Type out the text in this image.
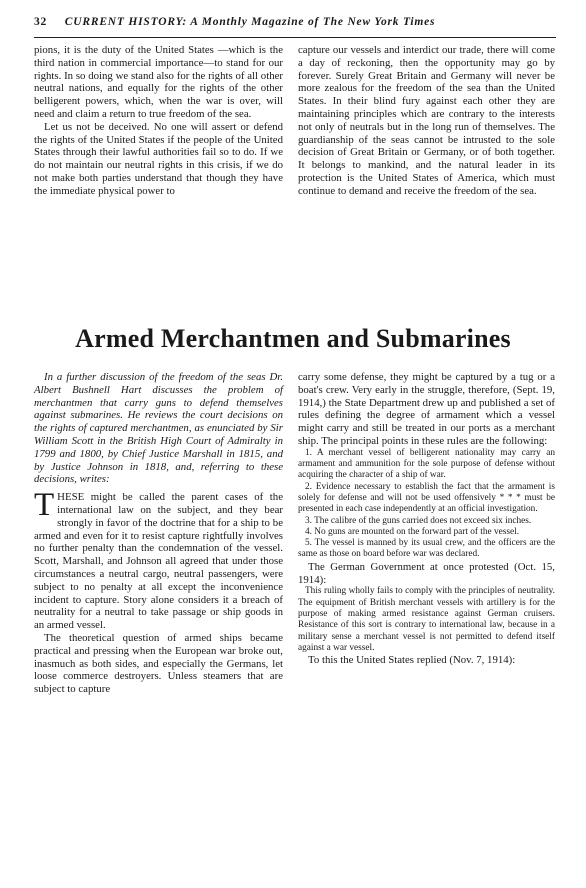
32 CURRENT HISTORY: A Monthly Magazine of The New York Times

pions, it is the duty of the United States —which is the third nation in commercial importance—to stand for our rights. In so doing we stand also for the rights of all other neutral nations, and equally for the rights of the other belligerent powers, which, when the war is over, will need and claim a return to true freedom of the sea.

Let us not be deceived. No one will assert or defend the rights of the United States if the people of the United States through their lawful authorities fail so to do. If we do not maintain our neutral rights in this crisis, if we do not make both parties understand that though they have the immediate physical power to

capture our vessels and interdict our trade, there will come a day of reckoning, then the opportunity may go by forever. Surely Great Britain and Germany will never be more zealous for the freedom of the sea than the United States. In their blind fury against each other they are maintaining principles which are contrary to the interests not only of neutrals but in the long run of themselves. The guardianship of the seas cannot be intrusted to the sole decision of Great Britain or Germany, or of both together. It belongs to mankind, and the natural leader in its protection is the United States of America, which must continue to demand and receive the freedom of the sea.

Armed Merchantmen and Submarines

In a further discussion of the freedom of the seas Dr. Albert Bushnell Hart discusses the problem of merchantmen that carry guns to defend themselves against submarines. He reviews the court decisions on the rights of captured merchantmen, as enunciated by Sir William Scott in the British High Court of Admiralty in 1799 and 1800, by Chief Justice Marshall in 1815, and by Justice Johnson in 1818, and, referring to these decisions, writes:

THESE might be called the parent cases of the international law on the subject, and they bear strongly in favor of the doctrine that for a ship to be armed and even for it to resist capture rightfully involves no further penalty than the condemnation of the vessel. Scott, Marshall, and Johnson all agreed that under those circumstances a neutral cargo, neutral passengers, were subject to no penalty at all except the inconvenience incident to capture. Story alone considers it a breach of neutrality for a neutral to take passage or ship goods in an armed vessel.

The theoretical question of armed ships became practical and pressing when the European war broke out, inasmuch as both sides, and especially the Germans, let loose commerce destroyers. Unless steamers that are subject to capture

carry some defense, they might be captured by a tug or a boat's crew. Very early in the struggle, therefore, (Sept. 19, 1914,) the State Department drew up and published a set of rules defining the degree of armament which a vessel might carry and still be treated in our ports as a merchant ship. The principal points in these rules are the following:

1. A merchant vessel of belligerent nationality may carry an armament and ammunition for the sole purpose of defense without acquiring the character of a ship of war.

2. Evidence necessary to establish the fact that the armament is solely for defense and will not be used offensively * * * must be presented in each case independently at an official investigation.

3. The calibre of the guns carried does not exceed six inches.

4. No guns are mounted on the forward part of the vessel.

5. The vessel is manned by its usual crew, and the officers are the same as those on board before war was declared.

The German Government at once protested (Oct. 15, 1914):

This ruling wholly fails to comply with the principles of neutrality. The equipment of British merchant vessels with artillery is for the purpose of making armed resistance against German cruisers. Resistance of this sort is contrary to international law, because in a military sense a merchant vessel is not permitted to defend itself against a war vessel.

To this the United States replied (Nov. 7, 1914):
